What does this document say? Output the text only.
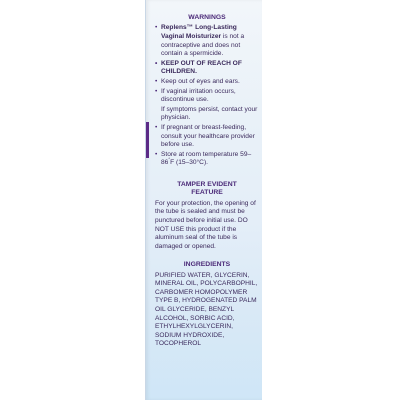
WARNINGS
• Replens™ Long-Lasting Vaginal Moisturizer is not a contraceptive and does not contain a spermicide.
• KEEP OUT OF REACH OF CHILDREN.
• Keep out of eyes and ears.
• If vaginal irritation occurs, discontinue use.
If symptoms persist, contact your physician.
• If pregnant or breast-feeding, consult your healthcare provider before use.
• Store at room temperature 59–86°F (15–30°C).
TAMPER EVIDENT
FEATURE

For your protection, the opening of the tube is sealed and must be punctured before initial use. DO NOT USE this product if the aluminum seal of the tube is damaged or opened.

INGREDIENTS

PURIFIED WATER, GLYCERIN, MINERAL OIL, POLYCARBOPHIL, CARBOMER HOMOPOLYMER TYPE B, HYDROGENATED PALM OIL GLYCERIDE, BENZYL ALCOHOL, SORBIC ACID, ETHYLHEXYLGLYCERIN, SODIUM HYDROXIDE, TOCOPHEROL
